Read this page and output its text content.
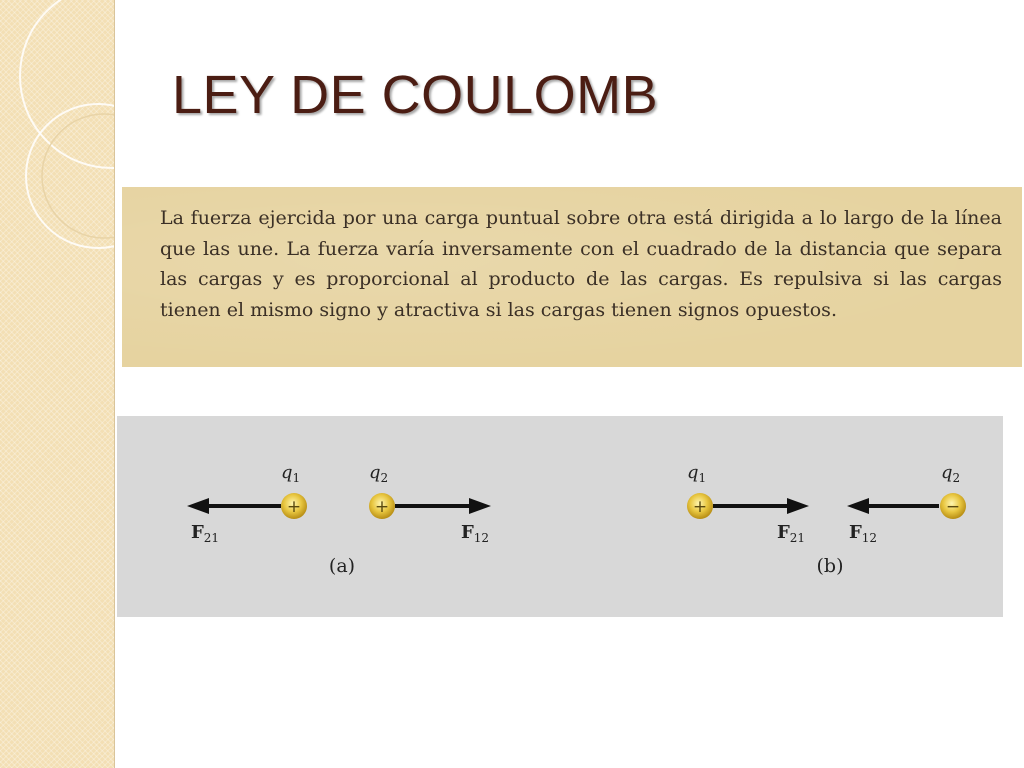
LEY DE COULOMB

La fuerza ejercida por una carga puntual sobre otra está dirigida a lo largo de la línea que las une. La fuerza varía inversamente con el cuadrado de la distancia que separa las cargas y es proporcional al producto de las cargas. Es repulsiva si las cargas tienen el mismo signo y atractiva si las cargas tienen signos opuestos.

+	+
$q_1$	$q_2$
$F_{21}$	$F_{12}$
(a)
+	−
$q_1$	$q_2$
$F_{21}$ $F_{12}$
(b)
